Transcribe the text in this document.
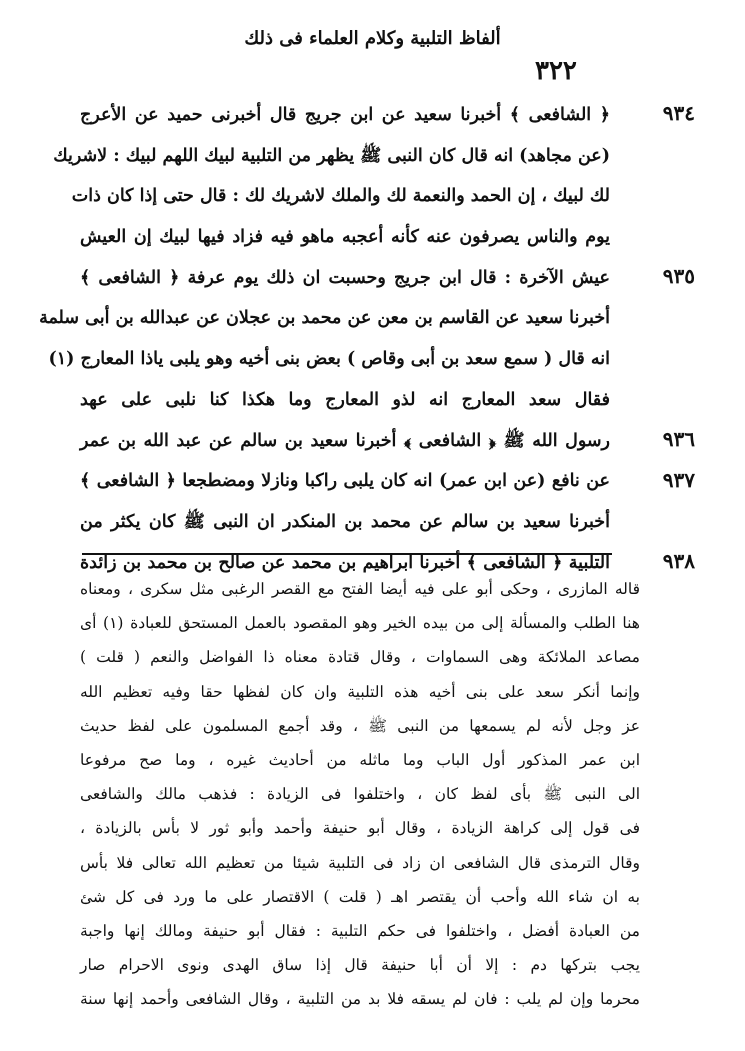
ألفاظ التلبية وكلام العلماء فى ذلك
٣٢٢
٩٣٤
٩٣٥
٩٣٦
٩٣٧
٩٣٨
﴿ الشافعى ﴾ أخبرنا سعيد عن ابن جريج قال أخبرنى حميد عن الأعرج
(عن مجاهد) انه قال كان النبى ﷺ يظهر من التلبية لبيك اللهم لبيك : لاشريك
لك لبيك ، إن الحمد والنعمة لك والملك لاشريك لك : قال حتى إذا كان ذات
يوم والناس يصرفون عنه كأنه أعجبه ماهو فيه فزاد فيها لبيك إن العيش
عيش الآخرة : قال ابن جريج وحسبت ان ذلك يوم عرفة ﴿ الشافعى ﴾
أخبرنا سعيد عن القاسم بن معن عن محمد بن عجلان عن عبدالله بن أبى سلمة
انه قال ( سمع سعد بن أبى وقاص ) بعض بنى أخيه وهو يلبى ياذا المعارج (١)
فقال سعد المعارج انه لذو المعارج وما هكذا كنا نلبى على عهد
رسول الله ﷺ ﴿ الشافعى ﴾ أخبرنا سعيد بن سالم عن عبد الله بن عمر
عن نافع (عن ابن عمر) انه كان يلبى راكبا ونازلا ومضطجعا ﴿ الشافعى ﴾
أخبرنا سعيد بن سالم عن محمد بن المنكدر ان النبى ﷺ كان يكثر من
التلبية ﴿ الشافعى ﴾ أخبرنا ابراهيم بن محمد عن صالح بن محمد بن زائدة
قاله المازرى ، وحكى أبو على فيه أيضا الفتح مع القصر الرغبى مثل سكرى ، ومعناه
هنا الطلب والمسألة إلى من بيده الخير وهو المقصود بالعمل المستحق للعبادة (١) أى
مصاعد الملائكة وهى السماوات ، وقال قتادة معناه ذا الفواضل والنعم ( قلت )
وإنما أنكر سعد على بنى أخيه هذه التلبية وان كان لفظها حقا وفيه تعظيم الله
عز وجل لأنه لم يسمعها من النبى ﷺ ، وقد أجمع المسلمون على لفظ حديث
ابن عمر المذكور أول الباب وما ماثله من أحاديث غيره ، وما صح مرفوعا
الى النبى ﷺ بأى لفظ كان ، واختلفوا فى الزيادة : فذهب مالك والشافعى
فى قول إلى كراهة الزيادة ، وقال أبو حنيفة وأحمد وأبو ثور لا بأس بالزيادة ،
وقال الترمذى قال الشافعى ان زاد فى التلبية شيئا من تعظيم الله تعالى فلا بأس
به ان شاء الله وأحب أن يقتصر اهـ ( قلت ) الاقتصار على ما ورد فى كل شئ
من العبادة أفضل ، واختلفوا فى حكم التلبية : فقال أبو حنيفة ومالك إنها واجبة
يجب بتركها دم : إلا أن أبا حنيفة قال إذا ساق الهدى ونوى الاحرام صار
محرما وإن لم يلب : فان لم يسقه فلا بد من التلبية ، وقال الشافعى وأحمد إنها سنة
